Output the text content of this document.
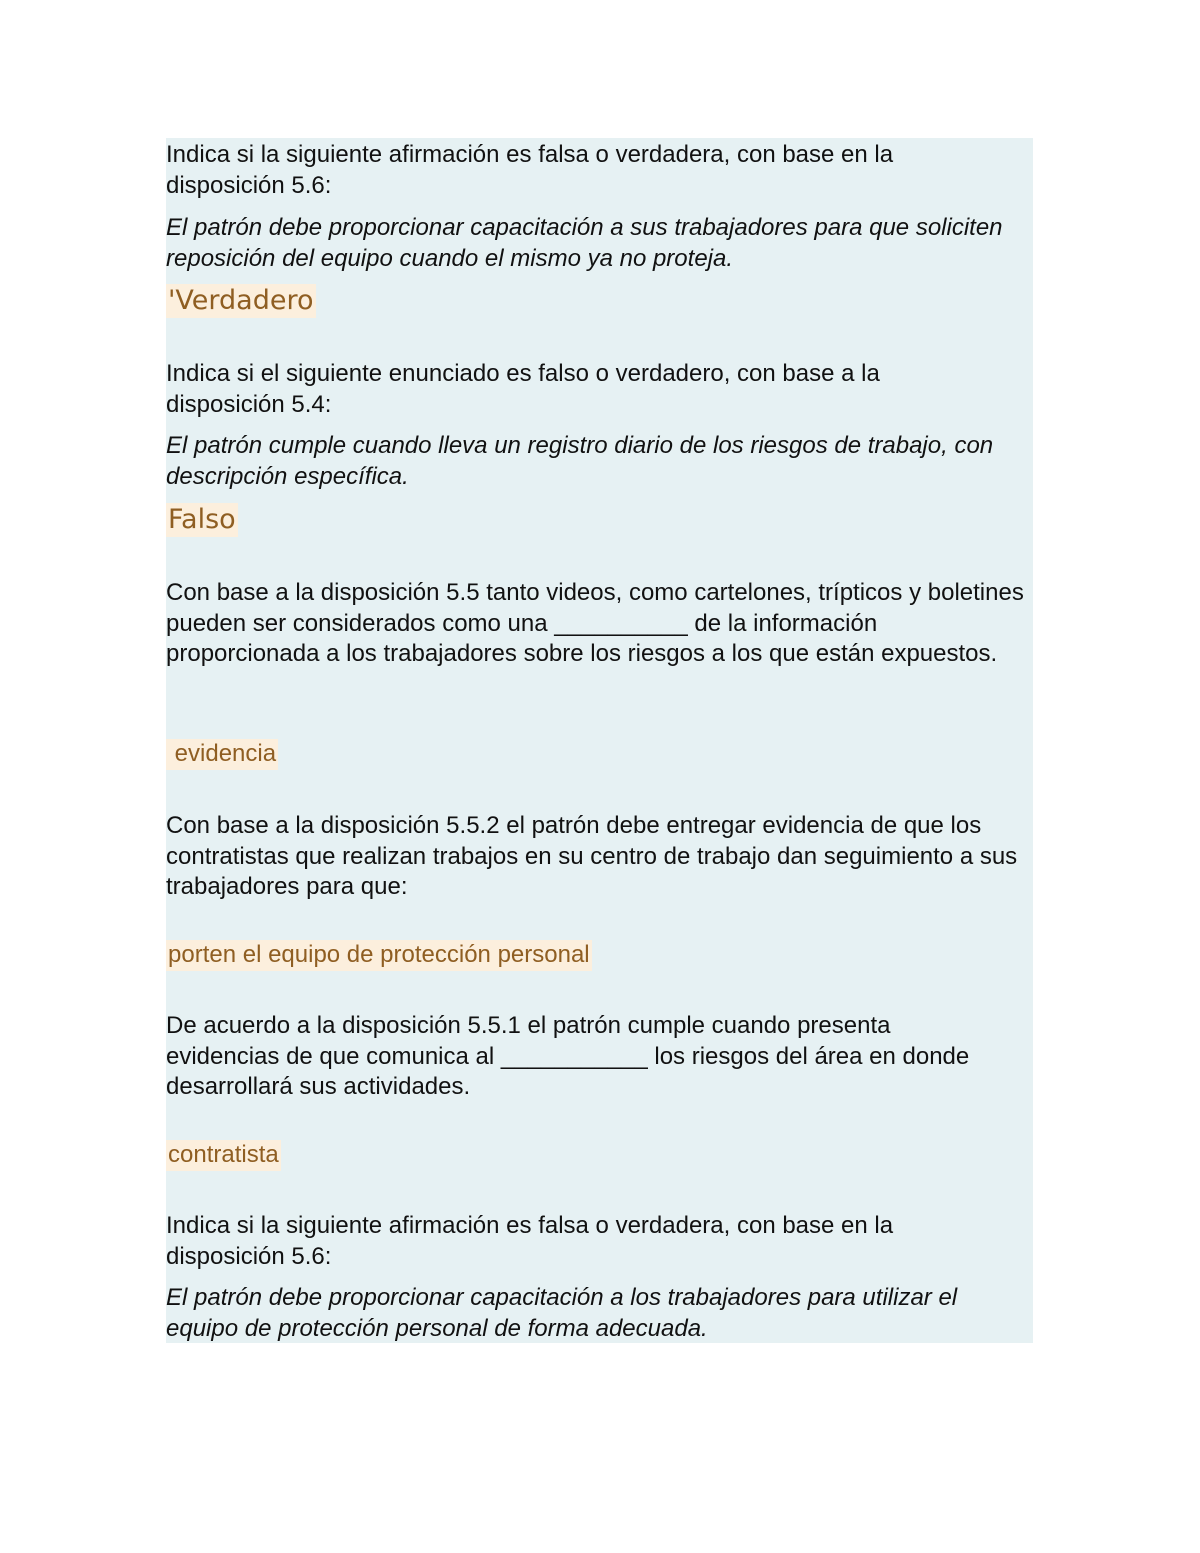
Indica si la siguiente afirmación es falsa o verdadera, con base en la disposición 5.6:
El patrón debe proporcionar capacitación a sus trabajadores para que soliciten reposición del equipo cuando el mismo ya no proteja.
'Verdadero
Indica si el siguiente enunciado es falso o verdadero, con base a la disposición 5.4:
El patrón cumple cuando lleva un registro diario de los riesgos de trabajo, con descripción específica.
Falso
Con base a la disposición 5.5 tanto videos, como cartelones, trípticos y boletines pueden ser considerados como una __________ de la información proporcionada a los trabajadores sobre los riesgos a los que están expuestos.
evidencia
Con base a la disposición 5.5.2 el patrón debe entregar evidencia de que los contratistas que realizan trabajos en su centro de trabajo dan seguimiento a sus trabajadores para que:
porten el equipo de protección personal
De acuerdo a la disposición 5.5.1 el patrón cumple cuando presenta evidencias de que comunica al ___________ los riesgos del área en donde desarrollará sus actividades.
contratista
Indica si la siguiente afirmación es falsa o verdadera, con base en la disposición 5.6:
El patrón debe proporcionar capacitación a los trabajadores para utilizar el equipo de protección personal de forma adecuada.
